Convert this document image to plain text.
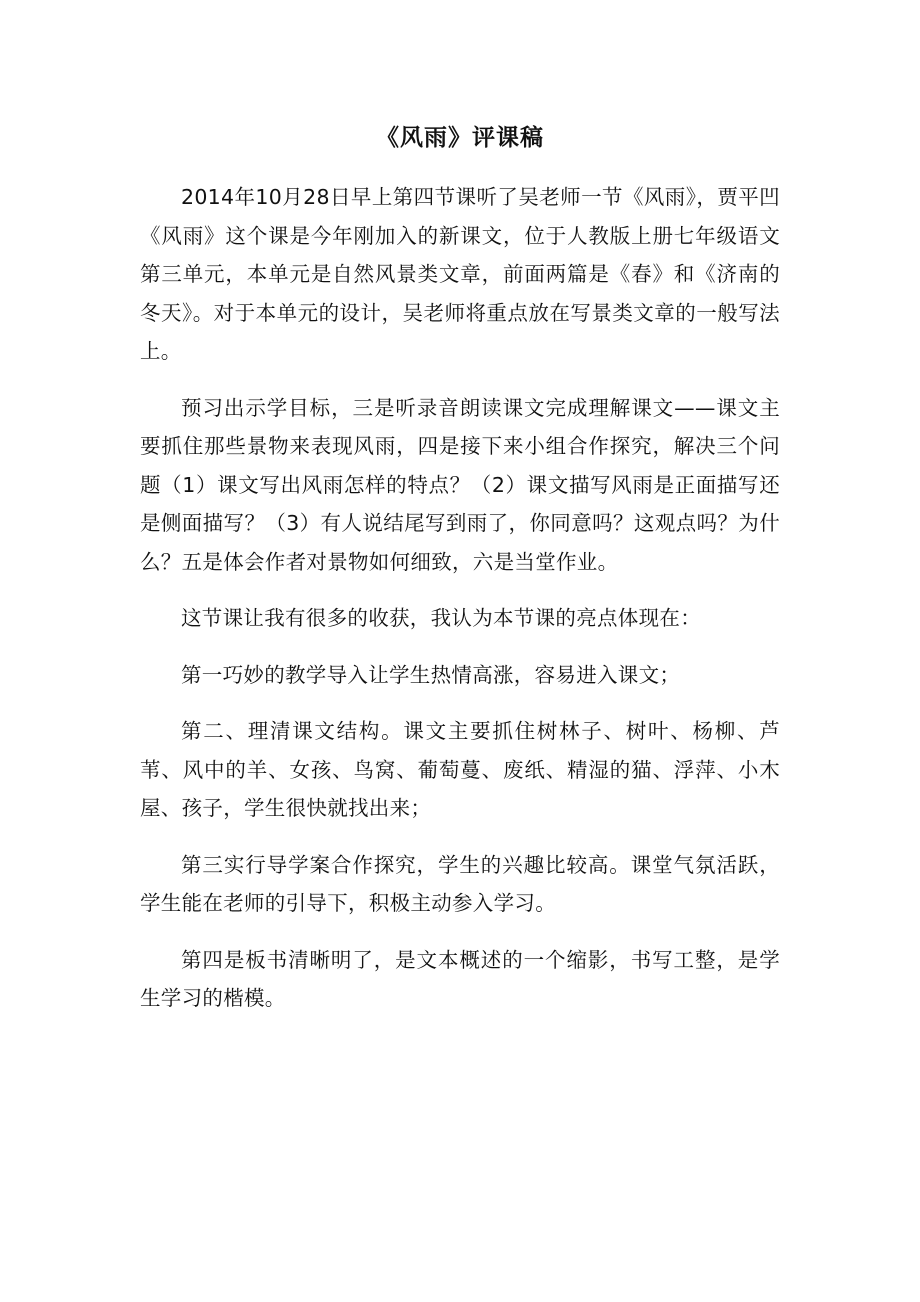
《风雨》评课稿

2014年10月28日早上第四节课听了吴老师一节《风雨》，贾平凹《风雨》这个课是今年刚加入的新课文，位于人教版上册七年级语文第三单元，本单元是自然风景类文章，前面两篇是《春》和《济南的冬天》。对于本单元的设计，吴老师将重点放在写景类文章的一般写法上。

预习出示学目标，三是听录音朗读课文完成理解课文——课文主要抓住那些景物来表现风雨，四是接下来小组合作探究，解决三个问题（1）课文写出风雨怎样的特点？（2）课文描写风雨是正面描写还是侧面描写？（3）有人说结尾写到雨了，你同意吗？这观点吗？为什么？五是体会作者对景物如何细致，六是当堂作业。

这节课让我有很多的收获，我认为本节课的亮点体现在：

第一巧妙的教学导入让学生热情高涨，容易进入课文；

第二、理清课文结构。课文主要抓住树林子、树叶、杨柳、芦苇、风中的羊、女孩、鸟窝、葡萄蔓、废纸、精湿的猫、浮萍、小木屋、孩子，学生很快就找出来；

第三实行导学案合作探究，学生的兴趣比较高。课堂气氛活跃，学生能在老师的引导下，积极主动参入学习。

第四是板书清晰明了，是文本概述的一个缩影，书写工整，是学生学习的楷模。
